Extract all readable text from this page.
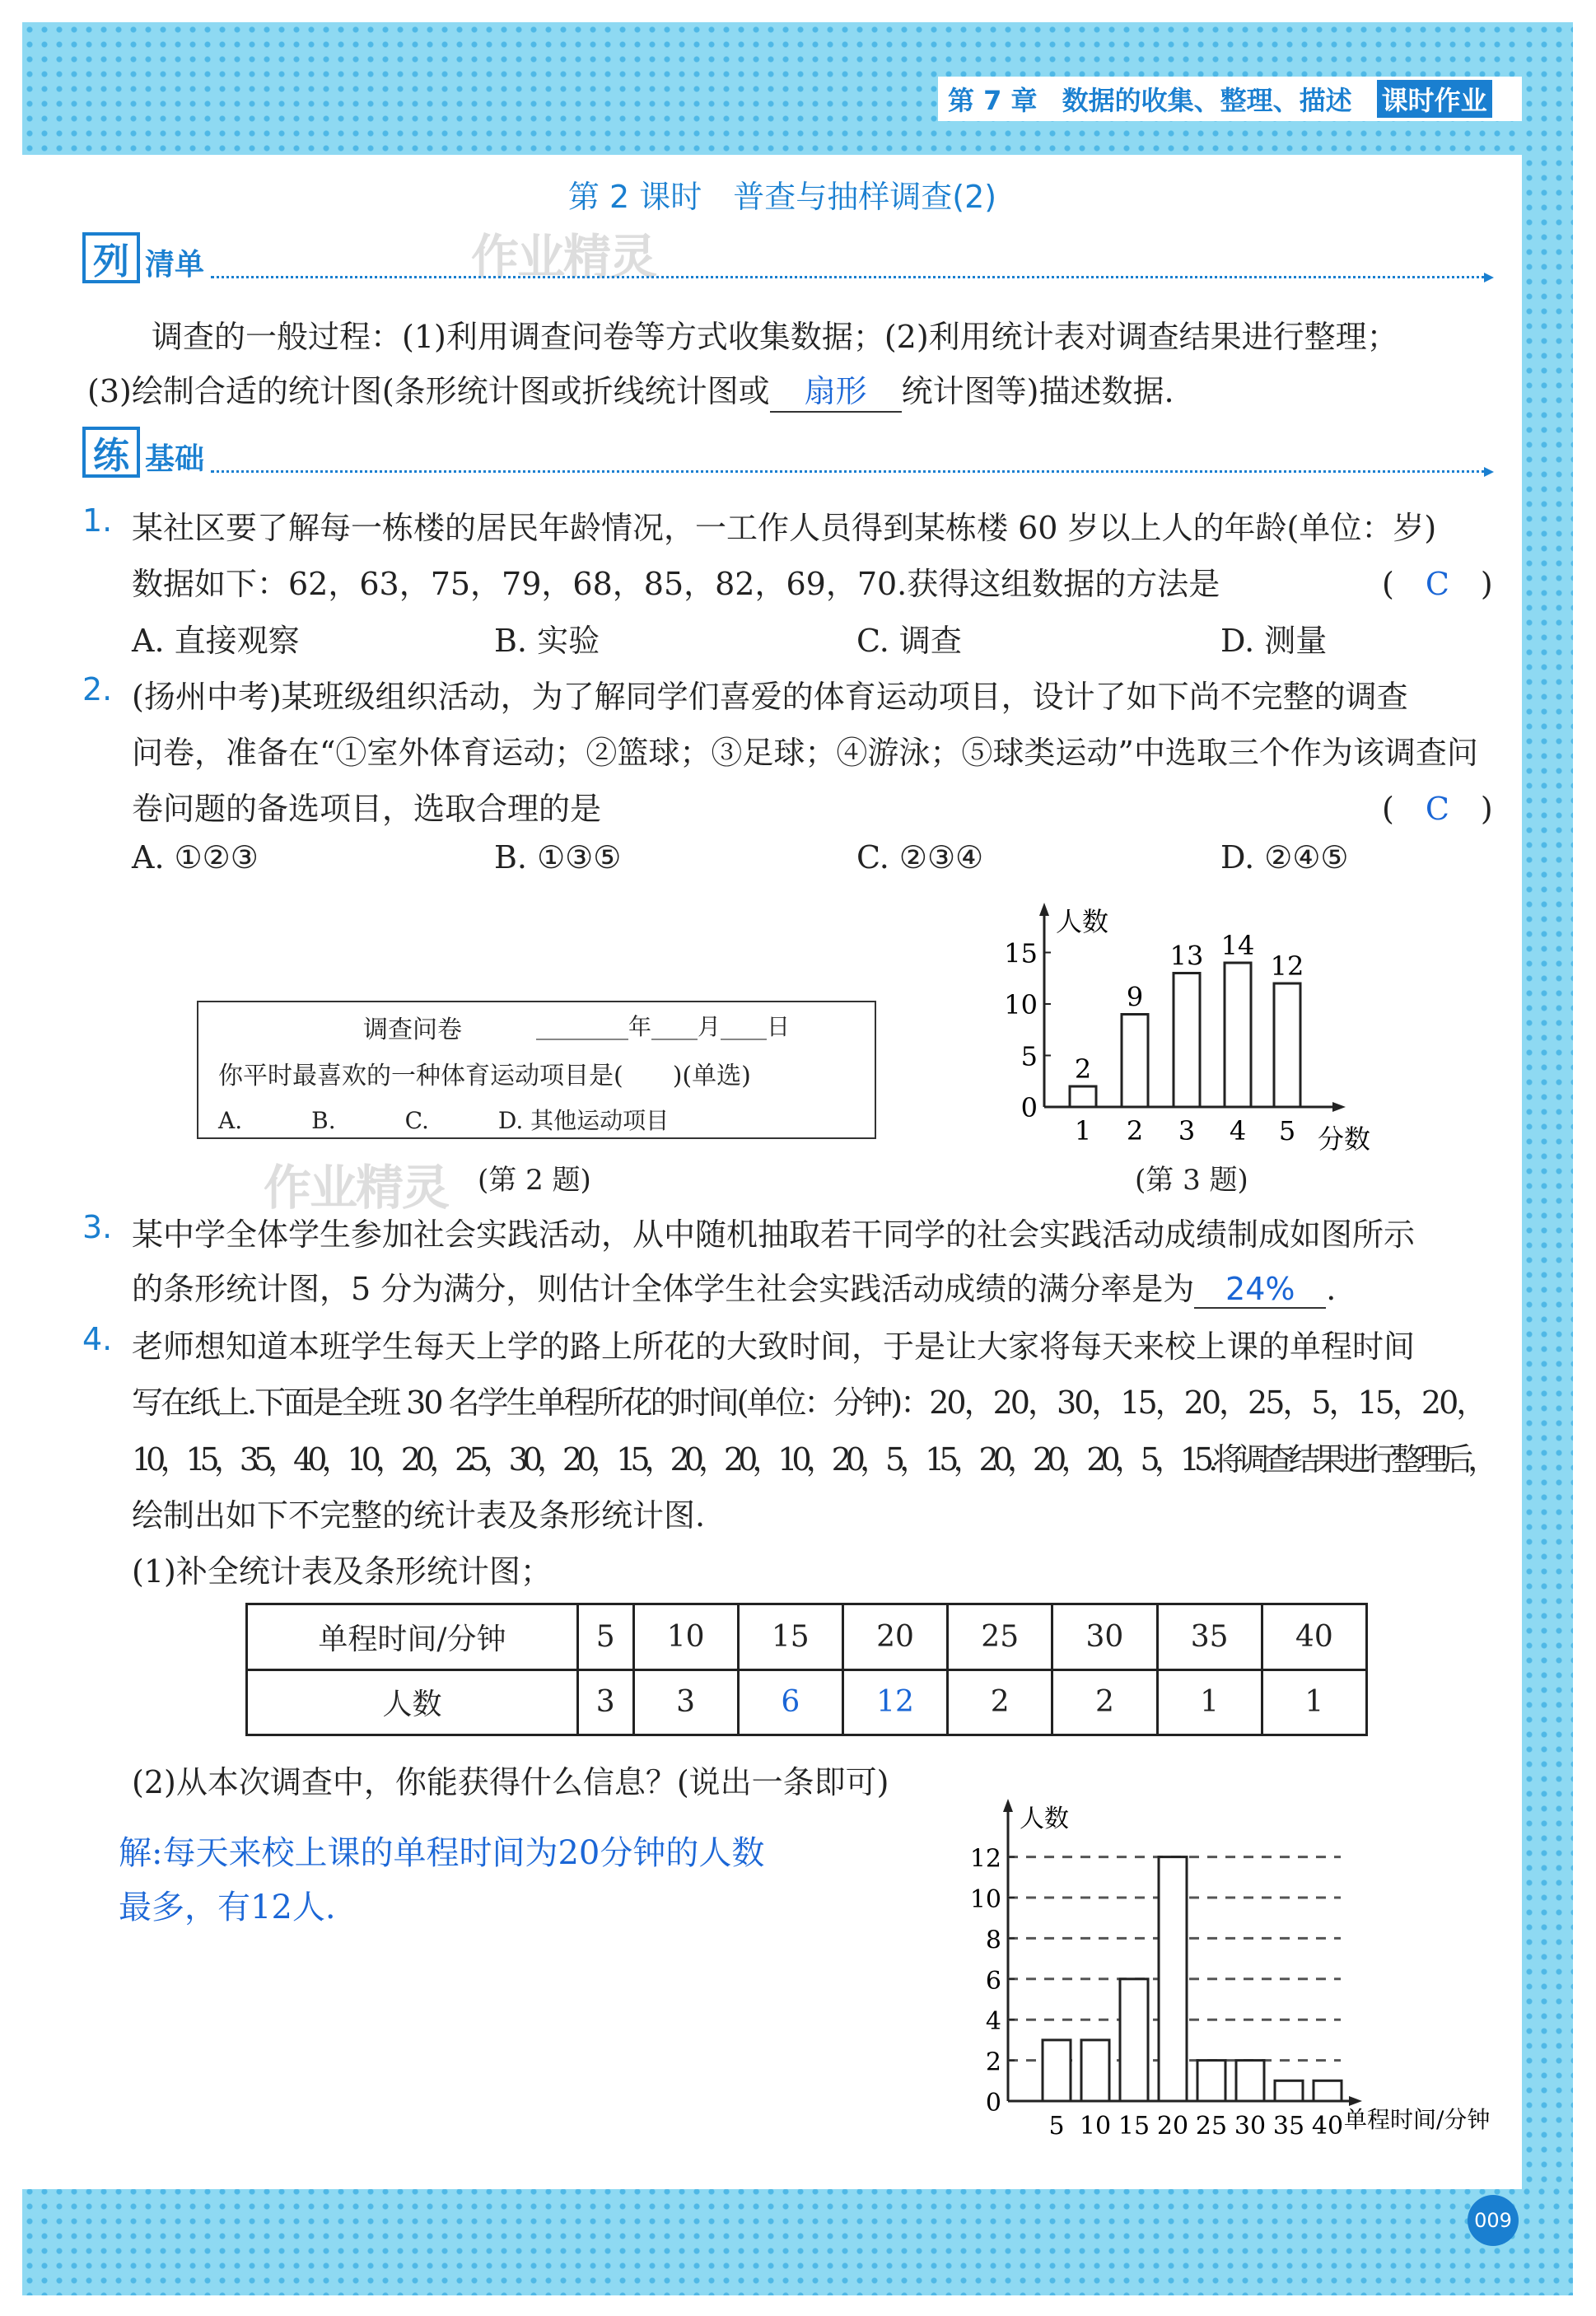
第 7 章 数据的收集、整理、描述 课时作业
第 2 课时　普查与抽样调查(2)
作业精灵
作业精灵
列 清单
调查的一般过程：(1)利用调查问卷等方式收集数据；(2)利用统计表对调查结果进行整理；
(3)绘制合适的统计图(条形统计图或折线统计图或 扇形 统计图等)描述数据.
练 基础
1. 某社区要了解每一栋楼的居民年龄情况，一工作人员得到某栋楼 60 岁以上人的年龄(单位：岁)
数据如下：62，63，75，79，68，85，82，69，70.获得这组数据的方法是	(　C　)
A. 直接观察	B. 实验	C. 调查	D. 测量
2. (扬州中考)某班级组织活动，为了解同学们喜爱的体育运动项目，设计了如下尚不完整的调查
问卷，准备在“①室外体育运动；②篮球；③足球；④游泳；⑤球类运动”中选取三个作为该调查问
卷问题的备选项目，选取合理的是	(　C　)
A. ①②③	B. ①③⑤	C. ②③④	D. ②④⑤
调查问卷	________年____月____日
你平时最喜欢的一种体育运动项目是(　　)(单选)
A.　　　B.　　　C.　　　D. 其他运动项目
(第 2 题)	(第 3 题)
3. 某中学全体学生参加社会实践活动，从中随机抽取若干同学的社会实践活动成绩制成如图所示
的条形统计图，5 分为满分，则估计全体学生社会实践活动成绩的满分率是为 24% .
4. 老师想知道本班学生每天上学的路上所花的大致时间，于是让大家将每天来校上课的单程时间
写在纸上.下面是全班 30 名学生单程所花的时间(单位：分钟)：20，20，30，15，20，25，5，15，20，
10，15，35，40，10，20，25，30，20，15，20，20，10，20，5，15，20，20，20，5，15.将调查结果进行整理后，
绘制出如下不完整的统计表及条形统计图.
(1)补全统计表及条形统计图；
单程时间/分钟	5	10	15	20	25	30	35	40
人数	3	3	6	12	2	2	1	1
(2)从本次调查中，你能获得什么信息？(说出一条即可)
解:每天来校上课的单程时间为20分钟的人数
最多，有12人.
人数
0
5
10
15
1
2
2
9
3
13
4
14
5
12
分数
人数
0
2
4
6
8
10
12
5 10 15 20 25 30 35 40 单程时间/分钟
009
